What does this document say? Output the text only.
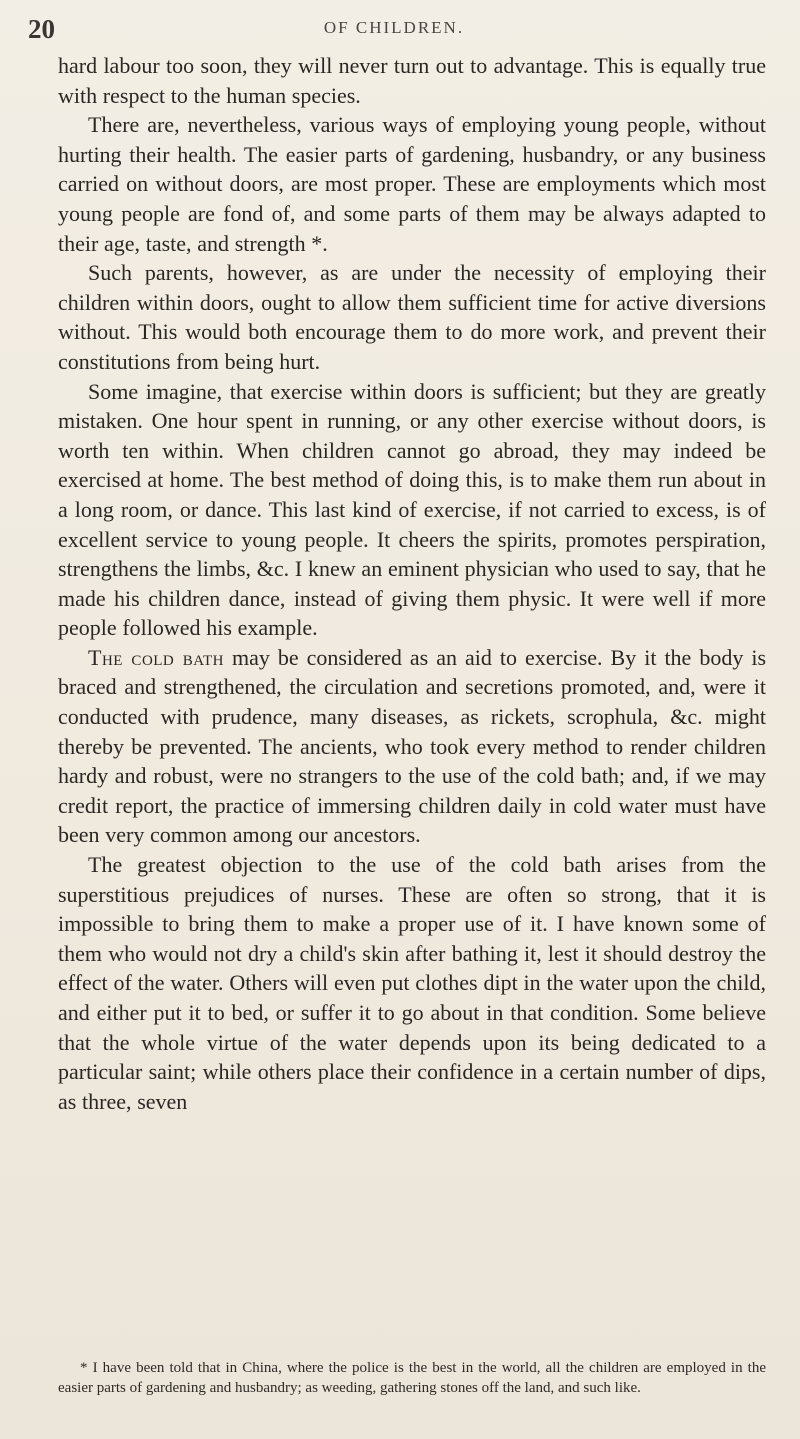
20	OF CHILDREN.

hard labour too soon, they will never turn out to advantage. This is equally true with respect to the human species.

There are, nevertheless, various ways of employing young people, without hurting their health. The easier parts of gardening, husbandry, or any business carried on without doors, are most proper. These are employments which most young people are fond of, and some parts of them may be always adapted to their age, taste, and strength *.

Such parents, however, as are under the necessity of employing their children within doors, ought to allow them sufficient time for active diversions without. This would both encourage them to do more work, and prevent their constitutions from being hurt.

Some imagine, that exercise within doors is sufficient; but they are greatly mistaken. One hour spent in running, or any other exercise without doors, is worth ten within. When children cannot go abroad, they may indeed be exercised at home. The best method of doing this, is to make them run about in a long room, or dance. This last kind of exercise, if not carried to excess, is of excellent service to young people. It cheers the spirits, promotes perspiration, strengthens the limbs, &c. I knew an eminent physician who used to say, that he made his children dance, instead of giving them physic. It were well if more people followed his example.

The cold bath may be considered as an aid to exercise. By it the body is braced and strengthened, the circulation and secretions promoted, and, were it conducted with prudence, many diseases, as rickets, scrophula, &c. might thereby be prevented. The ancients, who took every method to render children hardy and robust, were no strangers to the use of the cold bath; and, if we may credit report, the practice of immersing children daily in cold water must have been very common among our ancestors.

The greatest objection to the use of the cold bath arises from the superstitious prejudices of nurses. These are often so strong, that it is impossible to bring them to make a proper use of it. I have known some of them who would not dry a child's skin after bathing it, lest it should destroy the effect of the water. Others will even put clothes dipt in the water upon the child, and either put it to bed, or suffer it to go about in that condition. Some believe that the whole virtue of the water depends upon its being dedicated to a particular saint; while others place their confidence in a certain number of dips, as three, seven

* I have been told that in China, where the police is the best in the world, all the children are employed in the easier parts of gardening and husbandry; as weeding, gathering stones off the land, and such like.
